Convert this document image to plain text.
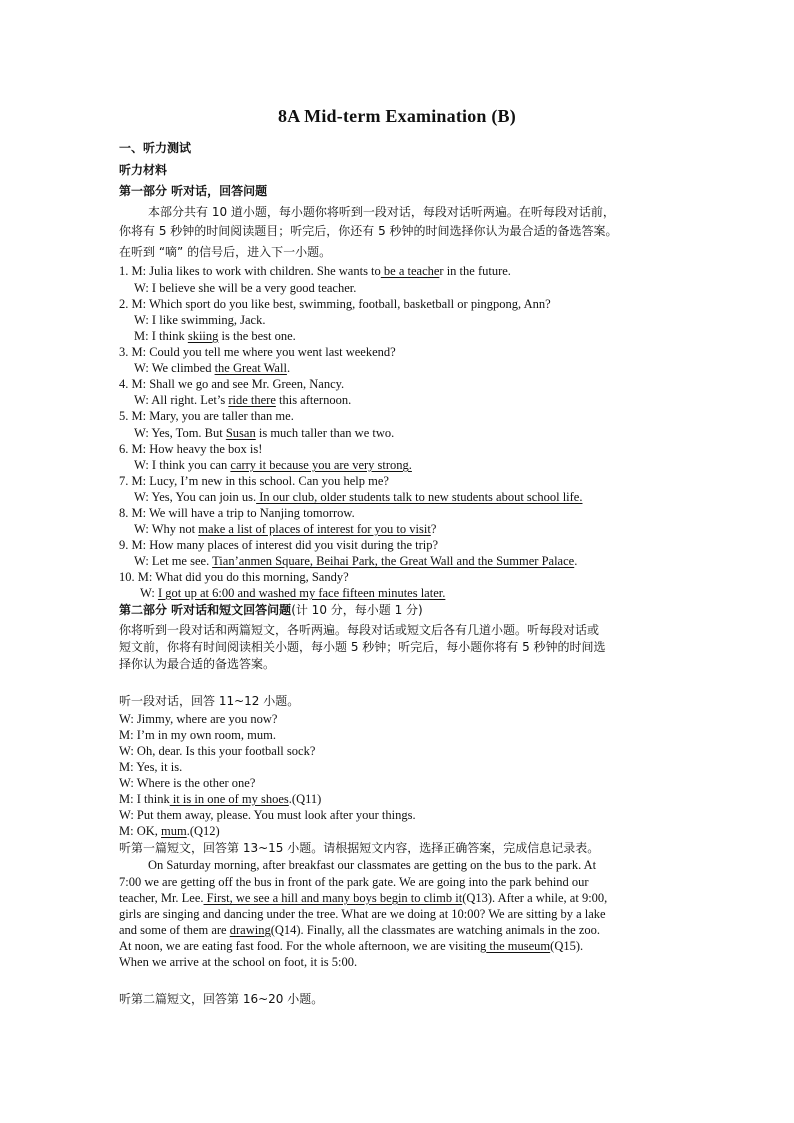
8A Mid-term Examination (B)
一、听力测试
听力材料
第一部分 听对话，回答问题
本部分共有 10 道小题，每小题你将听到一段对话，每段对话听两遍。在听每段对话前，
你将有 5 秒钟的时间阅读题目；听完后，你还有 5 秒钟的时间选择你认为最合适的备选答案。
在听到 “嘀” 的信号后，进入下一小题。
1. M: Julia likes to work with children. She wants to be a teacher in the future.
W: I believe she will be a very good teacher.
2. M: Which sport do you like best, swimming, football, basketball or pingpong, Ann?
W: I like swimming, Jack.
M: I think skiing is the best one.
3. M: Could you tell me where you went last weekend?
W: We climbed the Great Wall.
4. M: Shall we go and see Mr. Green, Nancy.
W: All right. Let’s ride there this afternoon.
5. M: Mary, you are taller than me.
W: Yes, Tom. But Susan is much taller than we two.
6. M: How heavy the box is!
W: I think you can carry it because you are very strong.
7. M: Lucy, I’m new in this school. Can you help me?
W: Yes, You can join us. In our club, older students talk to new students about school life.
8. M: We will have a trip to Nanjing tomorrow.
W: Why not make a list of places of interest for you to visit?
9. M: How many places of interest did you visit during the trip?
W: Let me see. Tian’anmen Square, Beihai Park, the Great Wall and the Summer Palace.
10. M: What did you do this morning, Sandy?
W: I got up at 6:00 and washed my face fifteen minutes later.
第二部分 听对话和短文回答问题(计 10 分，每小题 1 分)
你将听到一段对话和两篇短文，各听两遍。每段对话或短文后各有几道小题。听每段对话或
短文前，你将有时间阅读相关小题，每小题 5 秒钟；听完后，每小题你将有 5 秒钟的时间选
择你认为最合适的备选答案。
听一段对话，回答 11~12 小题。
W: Jimmy, where are you now?
M: I’m in my own room, mum.
W: Oh, dear. Is this your football sock?
M: Yes, it is.
W: Where is the other one?
M: I think it is in one of my shoes.(Q11)
W: Put them away, please. You must look after your things.
M: OK, mum.(Q12)
听第一篇短文，回答第 13~15 小题。请根据短文内容，选择正确答案，完成信息记录表。
On Saturday morning, after breakfast our classmates are getting on the bus to the park. At
7:00 we are getting off the bus in front of the park gate. We are going into the park behind our
teacher, Mr. Lee. First, we see a hill and many boys begin to climb it(Q13). After a while, at 9:00,
girls are singing and dancing under the tree. What are we doing at 10:00? We are sitting by a lake
and some of them are drawing(Q14). Finally, all the classmates are watching animals in the zoo.
At noon, we are eating fast food. For the whole afternoon, we are visiting the museum(Q15).
When we arrive at the school on foot, it is 5:00.
听第二篇短文，回答第 16~20 小题。
